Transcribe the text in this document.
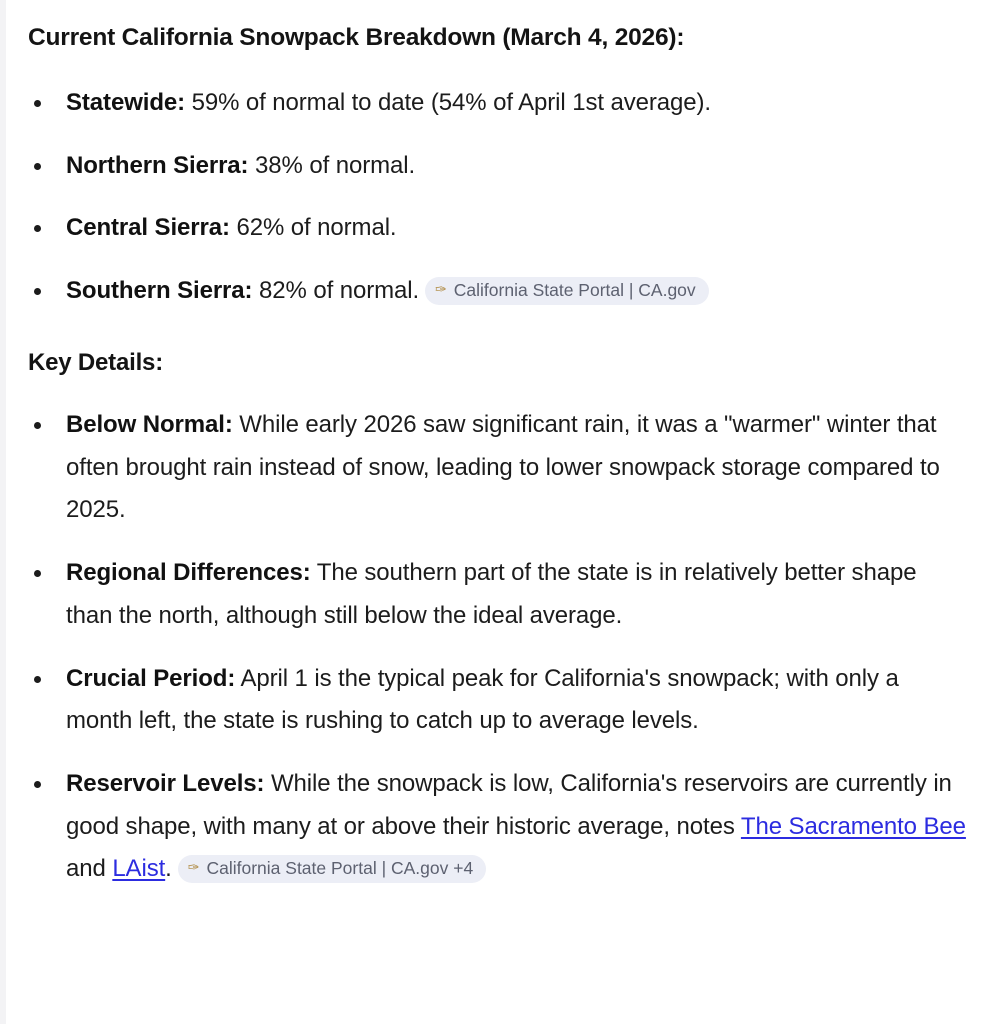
Current California Snowpack Breakdown (March 4, 2026):
Statewide: 59% of normal to date (54% of April 1st average).
Northern Sierra: 38% of normal.
Central Sierra: 62% of normal.
Southern Sierra: 82% of normal. ✑ California State Portal | CA.gov
Key Details:
Below Normal: While early 2026 saw significant rain, it was a "warmer" winter that often brought rain instead of snow, leading to lower snowpack storage compared to 2025.
Regional Differences: The southern part of the state is in relatively better shape than the north, although still below the ideal average.
Crucial Period: April 1 is the typical peak for California's snowpack; with only a month left, the state is rushing to catch up to average levels.
Reservoir Levels: While the snowpack is low, California's reservoirs are currently in good shape, with many at or above their historic average, notes The Sacramento Bee and LAist. ✑ California State Portal | CA.gov +4
